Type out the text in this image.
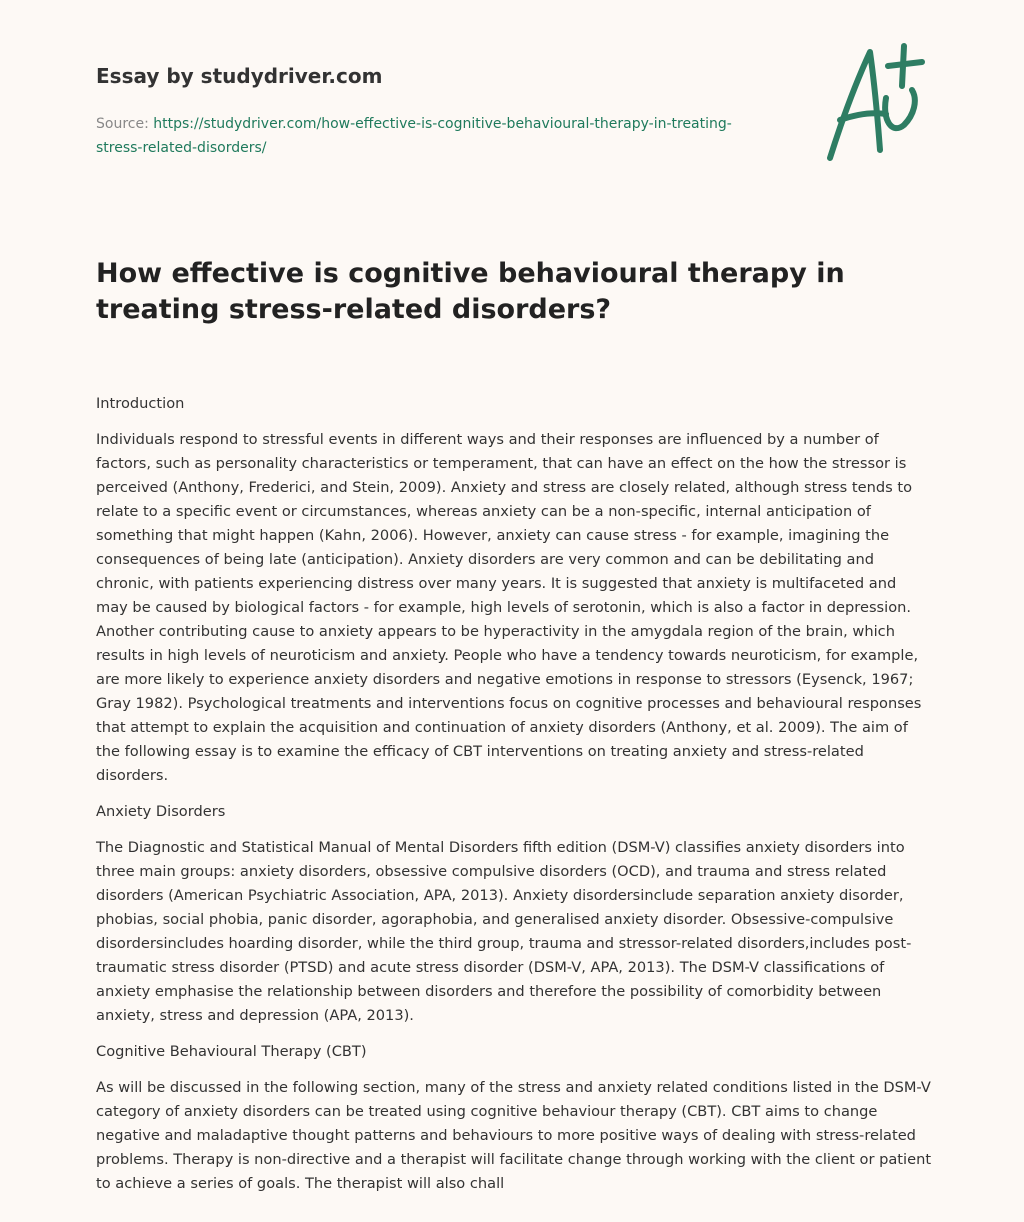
Essay by studydriver.com
Source: https://studydriver.com/how-effective-is-cognitive-behavioural-therapy-in-treating-stress-related-disorders/
How effective is cognitive behavioural therapy in treating stress-related disorders?

Introduction

Individuals respond to stressful events in different ways and their responses are influenced by a number of factors, such as personality characteristics or temperament, that can have an effect on the how the stressor is perceived (Anthony, Frederici, and Stein, 2009). Anxiety and stress are closely related, although stress tends to relate to a specific event or circumstances, whereas anxiety can be a non-specific, internal anticipation of something that might happen (Kahn, 2006). However, anxiety can cause stress - for example, imagining the consequences of being late (anticipation). Anxiety disorders are very common and can be debilitating and chronic, with patients experiencing distress over many years. It is suggested that anxiety is multifaceted and may be caused by biological factors - for example, high levels of serotonin, which is also a factor in depression. Another contributing cause to anxiety appears to be hyperactivity in the amygdala region of the brain, which results in high levels of neuroticism and anxiety. People who have a tendency towards neuroticism, for example, are more likely to experience anxiety disorders and negative emotions in response to stressors (Eysenck, 1967; Gray 1982). Psychological treatments and interventions focus on cognitive processes and behavioural responses that attempt to explain the acquisition and continuation of anxiety disorders (Anthony, et al. 2009). The aim of the following essay is to examine the efficacy of CBT interventions on treating anxiety and stress-related disorders.

Anxiety Disorders

The Diagnostic and Statistical Manual of Mental Disorders fifth edition (DSM-V) classifies anxiety disorders into three main groups: anxiety disorders, obsessive compulsive disorders (OCD), and trauma and stress related disorders (American Psychiatric Association, APA, 2013). Anxiety disordersinclude separation anxiety disorder, phobias, social phobia, panic disorder, agoraphobia, and generalised anxiety disorder. Obsessive-compulsive disordersincludes hoarding disorder, while the third group, trauma and stressor-related disorders,includes post-traumatic stress disorder (PTSD) and acute stress disorder (DSM-V, APA, 2013). The DSM-V classifications of anxiety emphasise the relationship between disorders and therefore the possibility of comorbidity between anxiety, stress and depression (APA, 2013).

Cognitive Behavioural Therapy (CBT)

As will be discussed in the following section, many of the stress and anxiety related conditions listed in the DSM-V category of anxiety disorders can be treated using cognitive behaviour therapy (CBT). CBT aims to change negative and maladaptive thought patterns and behaviours to more positive ways of dealing with stress-related problems. Therapy is non-directive and a therapist will facilitate change through working with the client or patient to achieve a series of goals. The therapist will also chall
